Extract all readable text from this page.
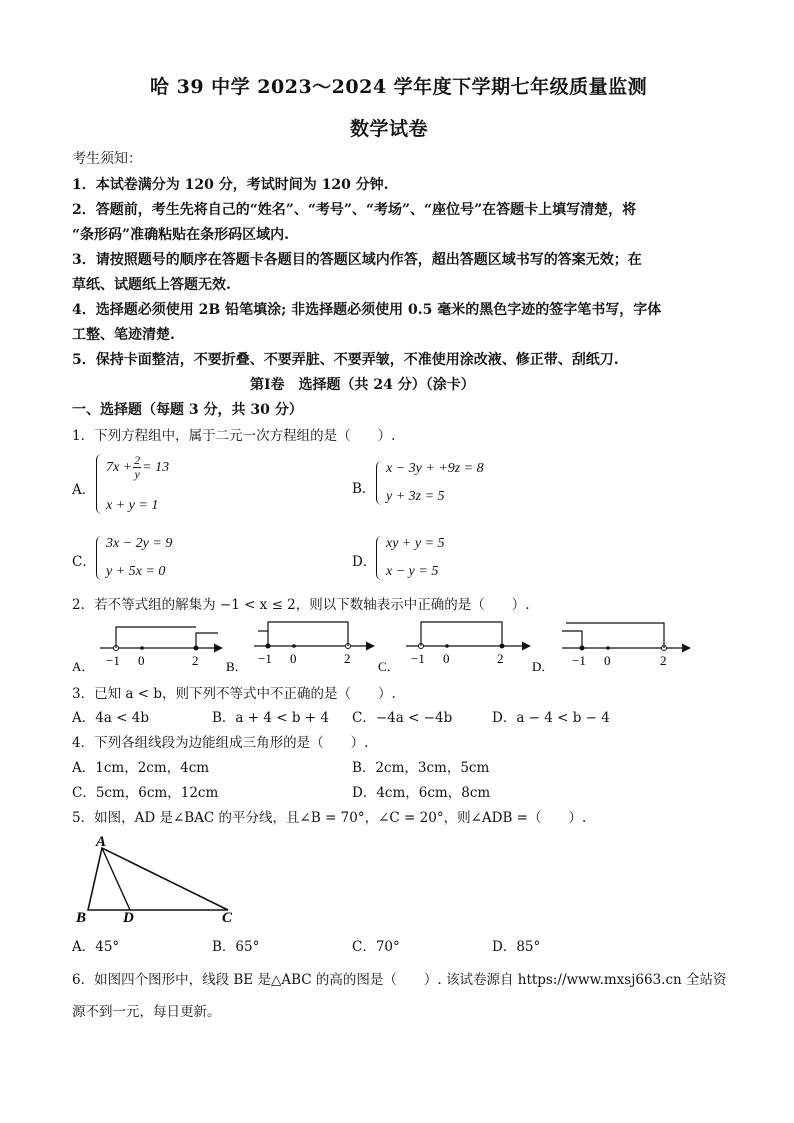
哈 39 中学 2023～2024 学年度下学期七年级质量监测
数学试卷
考生须知：
1．本试卷满分为 120 分，考试时间为 120 分钟.
2．答题前，考生先将自己的“姓名”、“考号”、“考场”、“座位号”在答题卡上填写清楚，将
“条形码”准确粘贴在条形码区域内.
3．请按照题号的顺序在答题卡各题目的答题区域内作答，超出答题区域书写的答案无效；在
草纸、试题纸上答题无效.
4．选择题必须使用 2B 铅笔填涂; 非选择题必须使用 0.5 毫米的黑色字迹的签字笔书写，字体
工整、笔迹清楚.
5．保持卡面整洁，不要折叠、不要弄脏、不要弄皱，不准使用涂改液、修正带、刮纸刀.
第Ⅰ卷　选择题（共 24 分）（涂卡）
一、选择题（每题 3 分，共 30 分）
1．下列方程组中，属于二元一次方程组的是（　　）.
A．
$7x + \frac{2}{y} = 13$
x + y = 1
B．
x − 3y + +9z = 8
y + 3z = 5
C．
3x − 2y = 9
y + 5x = 0
D．
xy + y = 5
x − y = 5
2．若不等式组的解集为 −1 < x ≤ 2，则以下数轴表示中正确的是（　　）.
A． −1 0	2 B．
−1 0	2
C．
−1 0	2
D． −1 0	2
3．已知 a < b，则下列不等式中不正确的是（　　）.
A．4a < 4b	B．a + 4 < b + 4 C．−4a < −4b	D．a − 4 < b − 4
4．下列各组线段为边能组成三角形的是（　　）.
A．1cm，2cm，4cm	B．2cm，3cm，5cm
C．5cm，6cm，12cm	D．4cm，6cm，8cm
5．如图，AD 是∠BAC 的平分线，且∠B = 70°，∠C = 20°，则∠ADB =（　　）.
A
B D	C
A．45°	B．65°	C．70°	D．85°
6．如图四个图形中，线段 BE 是△ABC 的高的图是（　　）. 该试卷源自 https://www.mxsj663.cn 全站资
源不到一元，每日更新。
